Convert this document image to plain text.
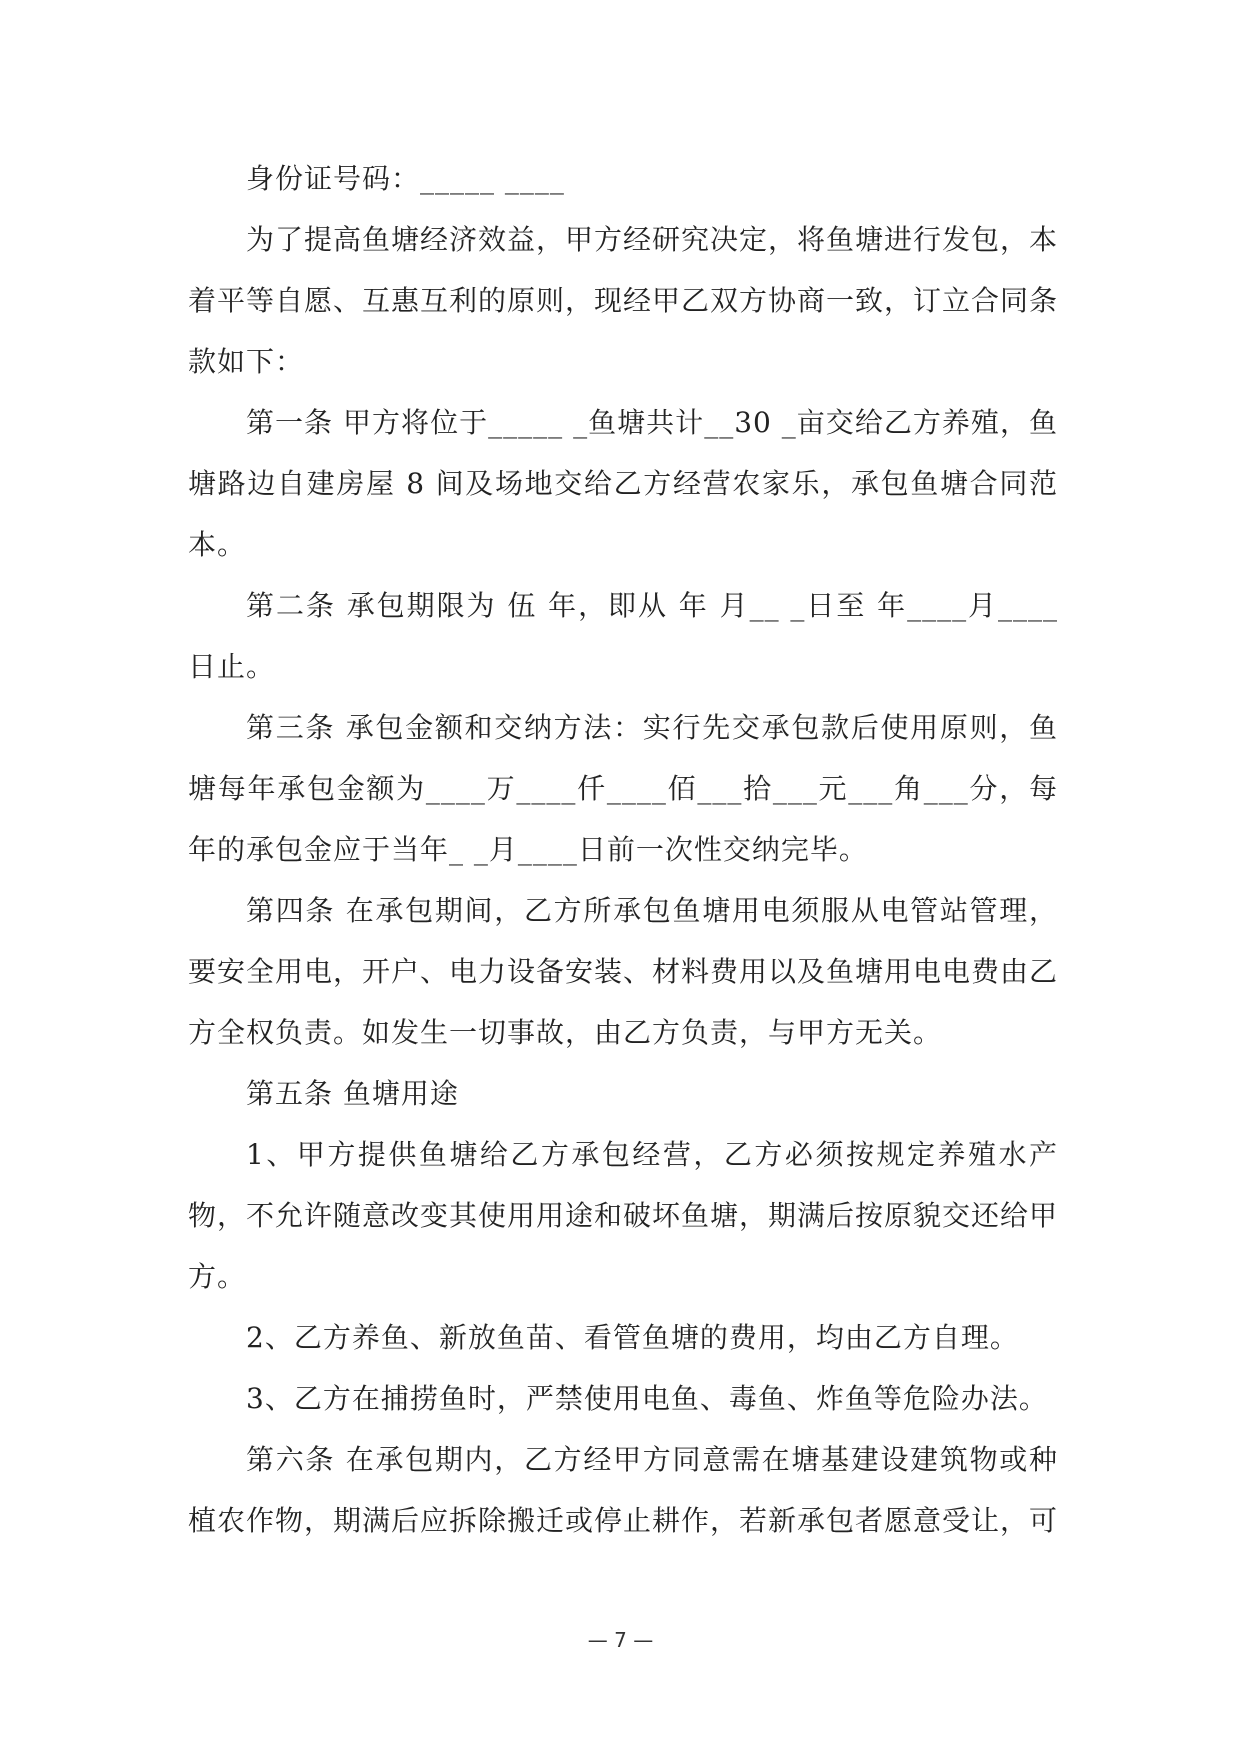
身份证号码：_____ ____

为了提高鱼塘经济效益，甲方经研究决定，将鱼塘进行发包，本着平等自愿、互惠互利的原则，现经甲乙双方协商一致，订立合同条款如下：

第一条 甲方将位于_____ _鱼塘共计__30 _亩交给乙方养殖，鱼塘路边自建房屋 8 间及场地交给乙方经营农家乐，承包鱼塘合同范本。

第二条 承包期限为 伍 年，即从 年 月__ _日至 年____月____日止。

第三条 承包金额和交纳方法：实行先交承包款后使用原则，鱼塘每年承包金额为____万____仟____佰___拾___元___角___分，每年的承包金应于当年_ _月____日前一次性交纳完毕。

第四条 在承包期间，乙方所承包鱼塘用电须服从电管站管理，要安全用电，开户、电力设备安装、材料费用以及鱼塘用电电费由乙方全权负责。如发生一切事故，由乙方负责，与甲方无关。

第五条 鱼塘用途

1、甲方提供鱼塘给乙方承包经营，乙方必须按规定养殖水产物，不允许随意改变其使用用途和破坏鱼塘，期满后按原貌交还给甲方。

2、乙方养鱼、新放鱼苗、看管鱼塘的费用，均由乙方自理。

3、乙方在捕捞鱼时，严禁使用电鱼、毒鱼、炸鱼等危险办法。

第六条 在承包期内，乙方经甲方同意需在塘基建设建筑物或种植农作物，期满后应拆除搬迁或停止耕作，若新承包者愿意受让，可

— 7 —
